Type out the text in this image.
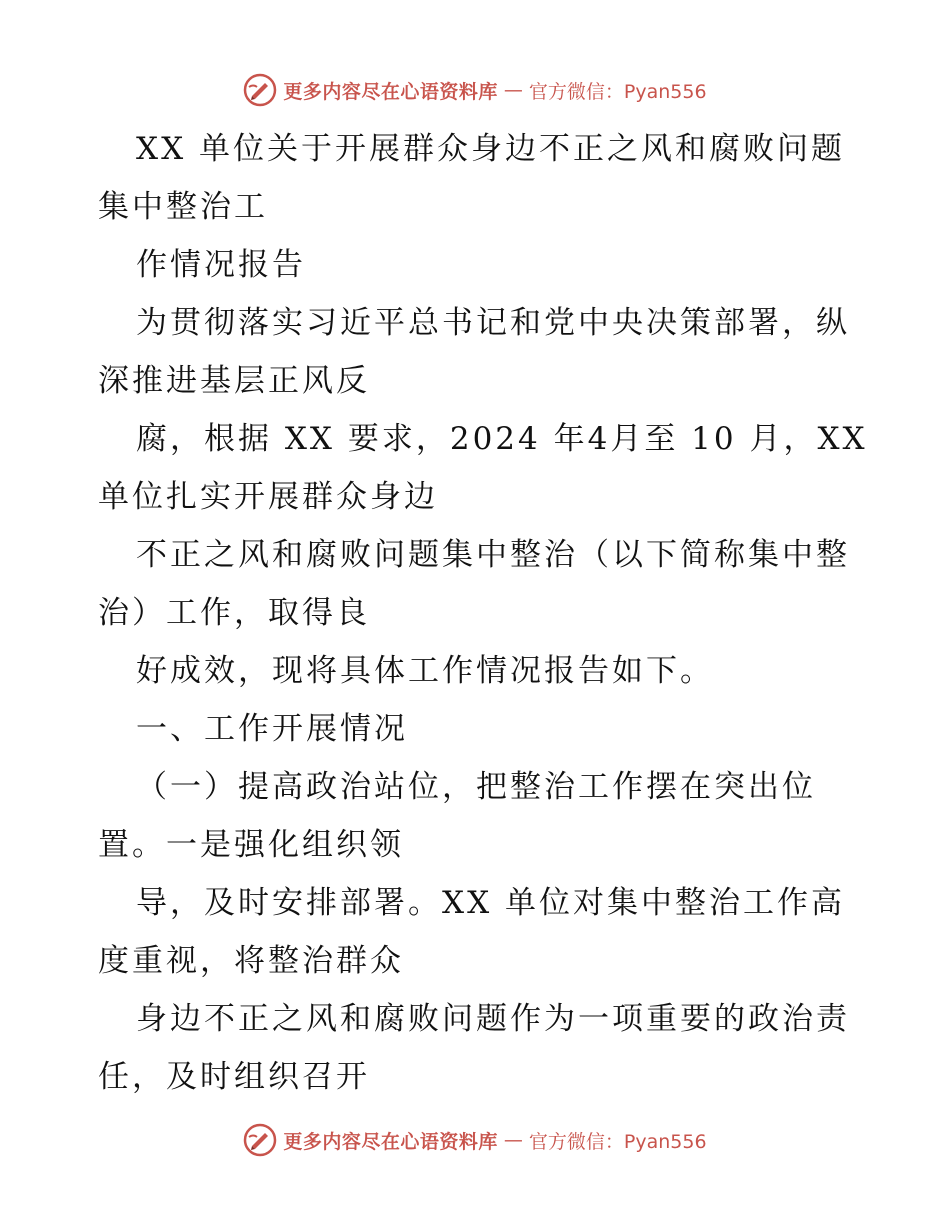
更多内容尽在心语资料库 — 官方微信：Pyan556
XX 单位关于开展群众身边不正之风和腐败问题
集中整治工
作情况报告
为贯彻落实习近平总书记和党中央决策部署，纵
深推进基层正风反
腐，根据 XX 要求，2024 年4月至 10 月，XX
单位扎实开展群众身边
不正之风和腐败问题集中整治（以下简称集中整
治）工作，取得良
好成效，现将具体工作情况报告如下。
一、工作开展情况
（一）提高政治站位，把整治工作摆在突出位
置。一是强化组织领
导，及时安排部署。XX 单位对集中整治工作高
度重视，将整治群众
身边不正之风和腐败问题作为一项重要的政治责
任，及时组织召开
更多内容尽在心语资料库 — 官方微信：Pyan556
